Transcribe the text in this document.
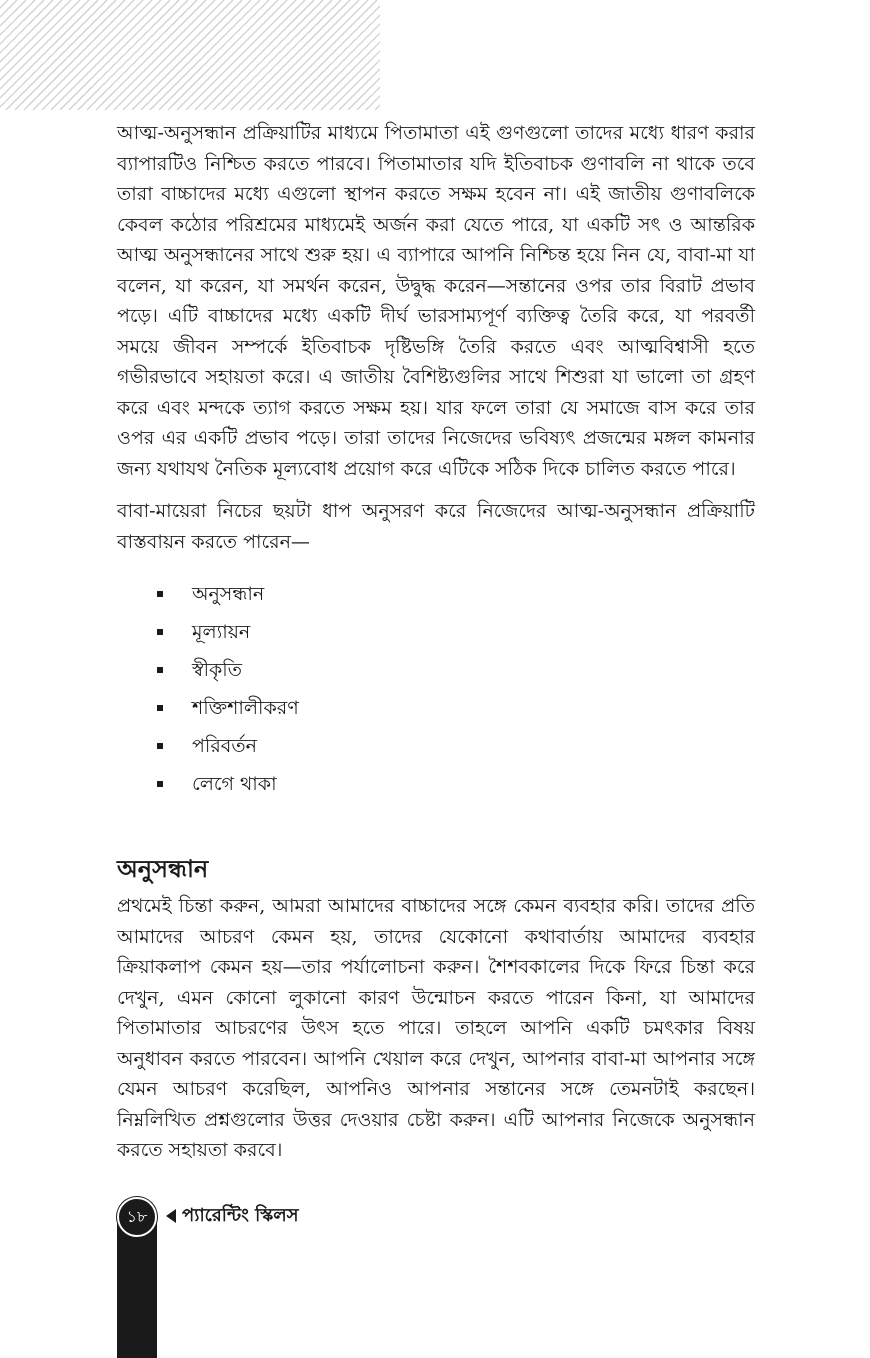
আত্ম-অনুসন্ধান প্রক্রিয়াটির মাধ্যমে পিতামাতা এই গুণগুলো তাদের মধ্যে ধারণ করার ব্যাপারটিও নিশ্চিত করতে পারবে। পিতামাতার যদি ইতিবাচক গুণাবলি না থাকে তবে তারা বাচ্চাদের মধ্যে এগুলো স্থাপন করতে সক্ষম হবেন না। এই জাতীয় গুণাবলিকে কেবল কঠোর পরিশ্রমের মাধ্যমেই অর্জন করা যেতে পারে, যা একটি সৎ ও আন্তরিক আত্ম অনুসন্ধানের সাথে শুরু হয়। এ ব্যাপারে আপনি নিশ্চিন্ত হয়ে নিন যে, বাবা-মা যা বলেন, যা করেন, যা সমর্থন করেন, উদ্বুদ্ধ করেন—সন্তানের ওপর তার বিরাট প্রভাব পড়ে। এটি বাচ্চাদের মধ্যে একটি দীর্ঘ ভারসাম্যপূর্ণ ব্যক্তিত্ব তৈরি করে, যা পরবর্তী সময়ে জীবন সম্পর্কে ইতিবাচক দৃষ্টিভঙ্গি তৈরি করতে এবং আত্মবিশ্বাসী হতে গভীরভাবে সহায়তা করে। এ জাতীয় বৈশিষ্ট্যগুলির সাথে শিশুরা যা ভালো তা গ্রহণ করে এবং মন্দকে ত্যাগ করতে সক্ষম হয়। যার ফলে তারা যে সমাজে বাস করে তার ওপর এর একটি প্রভাব পড়ে। তারা তাদের নিজেদের ভবিষ্যৎ প্রজন্মের মঙ্গল কামনার জন্য যথাযথ নৈতিক মূল্যবোধ প্রয়োগ করে এটিকে সঠিক দিকে চালিত করতে পারে।

বাবা-মায়েরা নিচের ছয়টা ধাপ অনুসরণ করে নিজেদের আত্ম-অনুসন্ধান প্রক্রিয়াটি বাস্তবায়ন করতে পারেন—

অনুসন্ধান
মূল্যায়ন
স্বীকৃতি
শক্তিশালীকরণ
পরিবর্তন
লেগে থাকা
অনুসন্ধান

প্রথমেই চিন্তা করুন, আমরা আমাদের বাচ্চাদের সঙ্গে কেমন ব্যবহার করি। তাদের প্রতি আমাদের আচরণ কেমন হয়, তাদের যেকোনো কথাবার্তায় আমাদের ব্যবহার ক্রিয়াকলাপ কেমন হয়—তার পর্যালোচনা করুন। শৈশবকালের দিকে ফিরে চিন্তা করে দেখুন, এমন কোনো লুকানো কারণ উন্মোচন করতে পারেন কিনা, যা আমাদের পিতামাতার আচরণের উৎস হতে পারে। তাহলে আপনি একটি চমৎকার বিষয় অনুধাবন করতে পারবেন। আপনি খেয়াল করে দেখুন, আপনার বাবা-মা আপনার সঙ্গে যেমন আচরণ করেছিল, আপনিও আপনার সন্তানের সঙ্গে তেমনটাই করছেন। নিম্নলিখিত প্রশ্নগুলোর উত্তর দেওয়ার চেষ্টা করুন। এটি আপনার নিজেকে অনুসন্ধান করতে সহায়তা করবে।

১৮ প্যারেন্টিং স্কিলস
